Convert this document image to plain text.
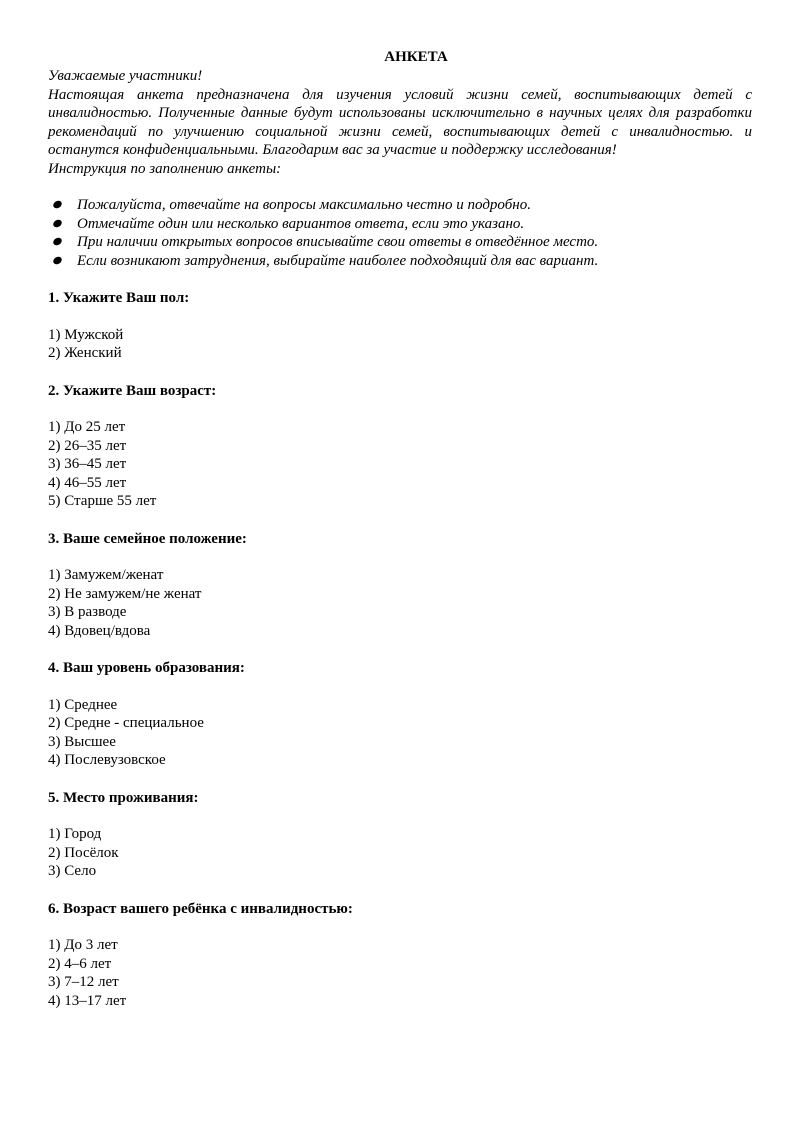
АНКЕТА

Уважаемые участники!

Настоящая анкета предназначена для изучения условий жизни семей, воспитывающих детей с инвалидностью. Полученные данные будут использованы исключительно в научных целях для разработки рекомендаций по улучшению социальной жизни семей, воспитывающих детей с инвалидностью. и останутся конфиденциальными. Благодарим вас за участие и поддержку исследования!

Инструкция по заполнению анкеты:

Пожалуйста, отвечайте на вопросы максимально честно и подробно.
Отмечайте один или несколько вариантов ответа, если это указано.
При наличии открытых вопросов вписывайте свои ответы в отведённое место.
Если возникают затруднения, выбирайте наиболее подходящий для вас вариант.

1. Укажите Ваш пол:

1) Мужской

2) Женский

2. Укажите Ваш возраст:

1) До 25 лет

2) 26–35 лет

3) 36–45 лет

4) 46–55 лет

5) Старше 55 лет

3. Ваше семейное положение:

1) Замужем/женат

2) Не замужем/не женат

3) В разводе

4) Вдовец/вдова

4. Ваш уровень образования:

1) Среднее

2) Средне - специальное

3) Высшее

4) Послевузовское

5. Место проживания:

1) Город

2) Посёлок

3) Село

6. Возраст вашего ребёнка с инвалидностью:

1) До 3 лет

2) 4–6 лет

3) 7–12 лет

4) 13–17 лет
